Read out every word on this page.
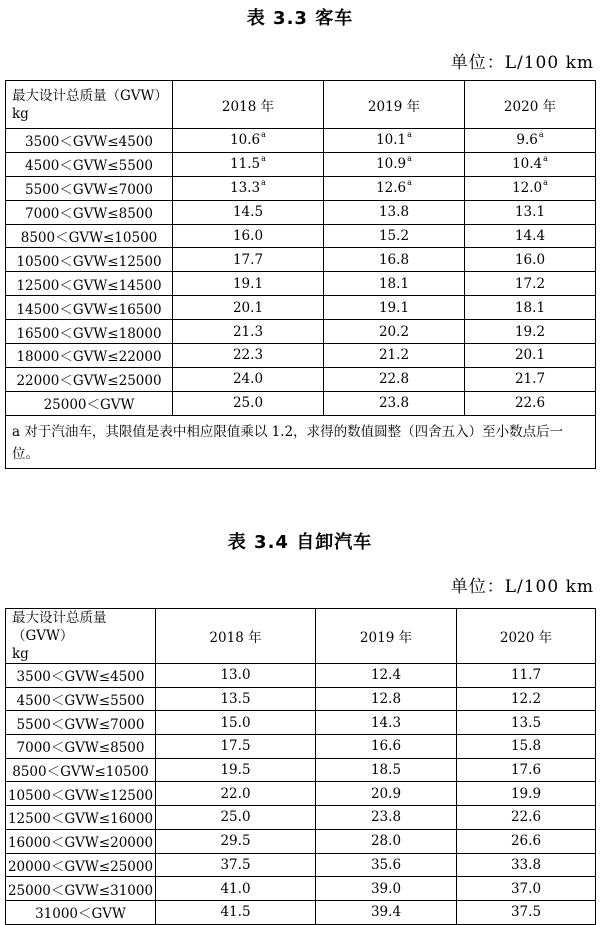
表 3.3 客车
单位：L/100 km
最大设计总质量（GVW）
kg	2018 年	2019 年	2020 年
3500＜GVW≤4500	10.6$^a$	10.1$^a$	9.6$^a$
4500＜GVW≤5500	11.5$^a$	10.9$^a$	10.4$^a$
5500＜GVW≤7000	13.3$^a$	12.6$^a$	12.0$^a$
7000＜GVW≤8500	14.5	13.8	13.1
8500＜GVW≤10500	16.0	15.2	14.4
10500＜GVW≤12500	17.7	16.8	16.0
12500＜GVW≤14500	19.1	18.1	17.2
14500＜GVW≤16500	20.1	19.1	18.1
16500＜GVW≤18000	21.3	20.2	19.2
18000＜GVW≤22000	22.3	21.2	20.1
22000＜GVW≤25000	24.0	22.8	21.7
25000＜GVW	25.0	23.8	22.6
a 对于汽油车，其限值是表中相应限值乘以 1.2，求得的数值圆整（四舍五入）至小数点后一位。			
表 3.4 自卸汽车
单位：L/100 km
最大设计总质量（GVW）
kg	2018 年	2019 年	2020 年
3500＜GVW≤4500	13.0	12.4	11.7
4500＜GVW≤5500	13.5	12.8	12.2
5500＜GVW≤7000	15.0	14.3	13.5
7000＜GVW≤8500	17.5	16.6	15.8
8500＜GVW≤10500	19.5	18.5	17.6
10500＜GVW≤12500	22.0	20.9	19.9
12500＜GVW≤16000	25.0	23.8	22.6
16000＜GVW≤20000	29.5	28.0	26.6
20000＜GVW≤25000	37.5	35.6	33.8
25000＜GVW≤31000	41.0	39.0	37.0
31000＜GVW	41.5	39.4	37.5
